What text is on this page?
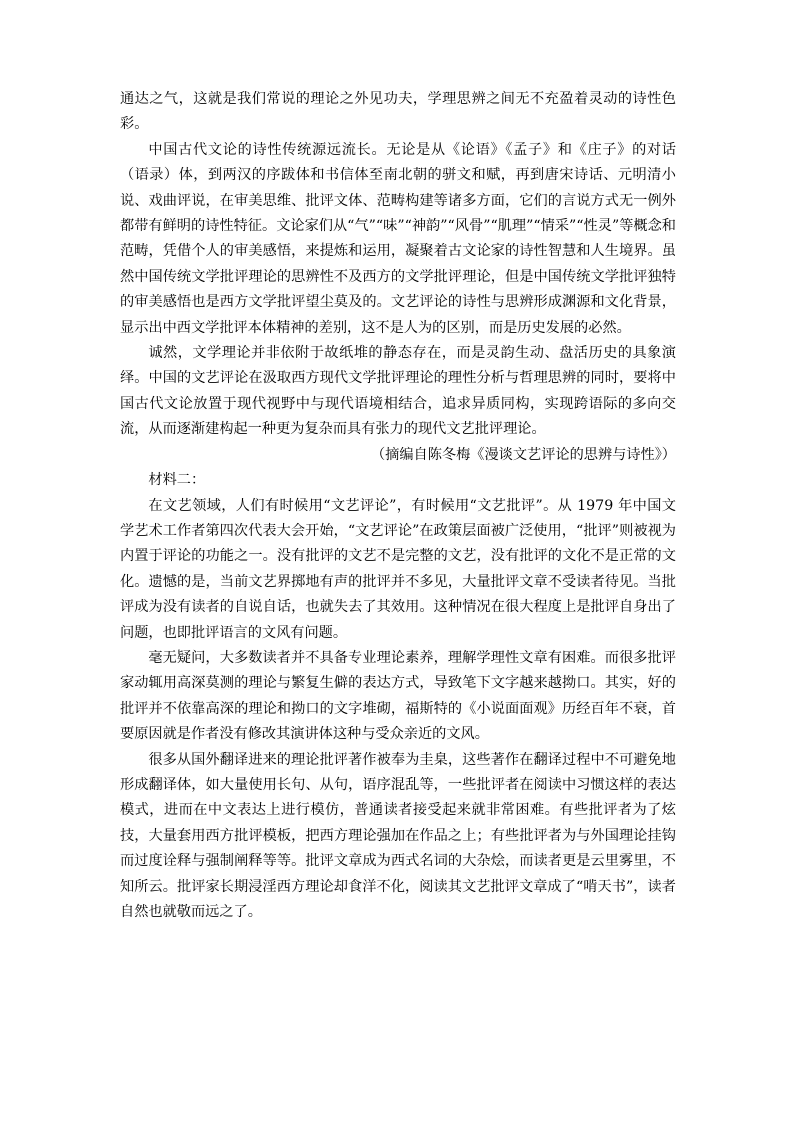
通达之气，这就是我们常说的理论之外见功夫，学理思辨之间无不充盈着灵动的诗性色彩。

中国古代文论的诗性传统源远流长。无论是从《论语》《孟子》和《庄子》的对话（语录）体，到两汉的序跋体和书信体至南北朝的骈文和赋，再到唐宋诗话、元明清小说、戏曲评说，在审美思维、批评文体、范畴构建等诸多方面，它们的言说方式无一例外都带有鲜明的诗性特征。文论家们从“气”“味”“神韵”“风骨”“肌理”“情采”“性灵”等概念和范畴，凭借个人的审美感悟，来提炼和运用，凝聚着古文论家的诗性智慧和人生境界。虽然中国传统文学批评理论的思辨性不及西方的文学批评理论，但是中国传统文学批评独特的审美感悟也是西方文学批评望尘莫及的。文艺评论的诗性与思辨形成渊源和文化背景，显示出中西文学批评本体精神的差别，这不是人为的区别，而是历史发展的必然。

诚然，文学理论并非依附于故纸堆的静态存在，而是灵韵生动、盘活历史的具象演绎。中国的文艺评论在汲取西方现代文学批评理论的理性分析与哲理思辨的同时，要将中国古代文论放置于现代视野中与现代语境相结合，追求异质同构，实现跨语际的多向交流，从而逐渐建构起一种更为复杂而具有张力的现代文艺批评理论。

（摘编自陈冬梅《漫谈文艺评论的思辨与诗性》）

材料二：

在文艺领域，人们有时候用“文艺评论”，有时候用“文艺批评”。从 1979 年中国文学艺术工作者第四次代表大会开始，“文艺评论”在政策层面被广泛使用，“批评”则被视为内置于评论的功能之一。没有批评的文艺不是完整的文艺，没有批评的文化不是正常的文化。遗憾的是，当前文艺界掷地有声的批评并不多见，大量批评文章不受读者待见。当批评成为没有读者的自说自话，也就失去了其效用。这种情况在很大程度上是批评自身出了问题，也即批评语言的文风有问题。

毫无疑问，大多数读者并不具备专业理论素养，理解学理性文章有困难。而很多批评家动辄用高深莫测的理论与繁复生僻的表达方式，导致笔下文字越来越拗口。其实，好的批评并不依靠高深的理论和拗口的文字堆砌，福斯特的《小说面面观》历经百年不衰，首要原因就是作者没有修改其演讲体这种与受众亲近的文风。

很多从国外翻译进来的理论批评著作被奉为圭臬，这些著作在翻译过程中不可避免地形成翻译体，如大量使用长句、从句，语序混乱等，一些批评者在阅读中习惯这样的表达模式，进而在中文表达上进行模仿，普通读者接受起来就非常困难。有些批评者为了炫技，大量套用西方批评模板，把西方理论强加在作品之上；有些批评者为与外国理论挂钩而过度诠释与强制阐释等等。批评文章成为西式名词的大杂烩，而读者更是云里雾里，不知所云。批评家长期浸淫西方理论却食洋不化，阅读其文艺批评文章成了“啃天书”，读者自然也就敬而远之了。
